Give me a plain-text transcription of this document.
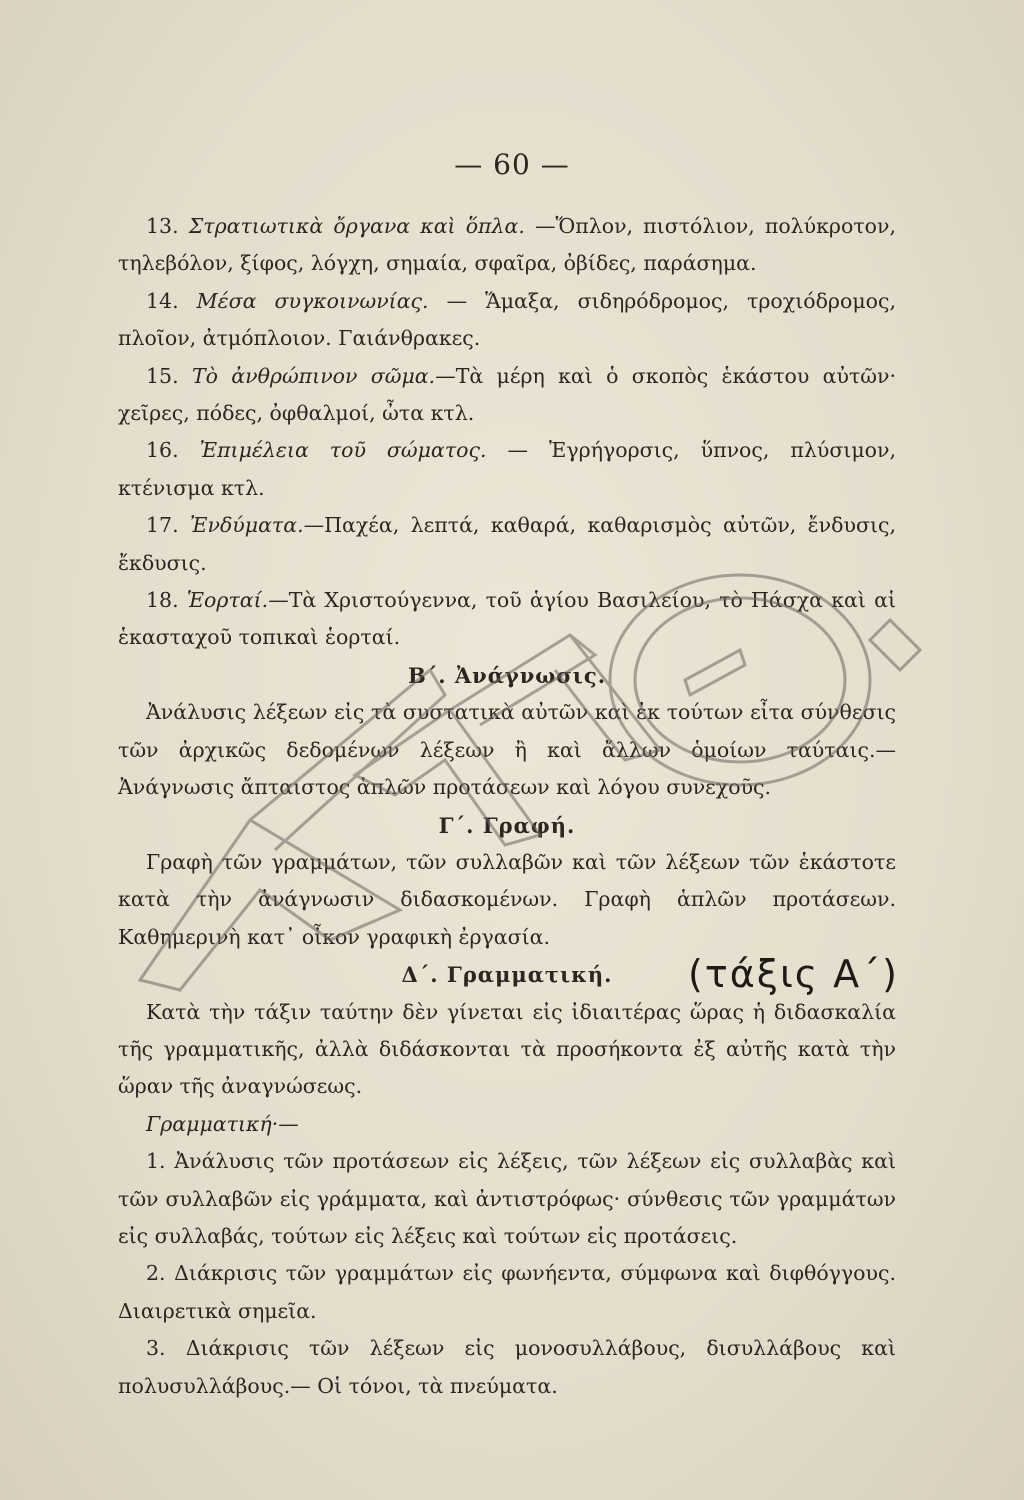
— 60 —

13. Στρατιωτικὰ ὄργανα καὶ ὅπλα. —Ὅπλον, πιστόλιον, πολύκροτον, τηλεβόλον, ξίφος, λόγχη, σημαία, σφαῖρα, ὀβίδες, παράσημα.

14. Μέσα συγκοινωνίας. — Ἅμαξα, σιδηρόδρομος, τροχιόδρομος, πλοῖον, ἀτμόπλοιον. Γαιάνθρακες.

15. Τὸ ἀνθρώπινον σῶμα.—Τὰ μέρη καὶ ὁ σκοπὸς ἑκάστου αὐτῶν· χεῖρες, πόδες, ὀφθαλμοί, ὦτα κτλ.

16. Ἐπιμέλεια τοῦ σώματος. — Ἐγρήγορσις, ὕπνος, πλύσιμον, κτένισμα κτλ.

17. Ἐνδύματα.—Παχέα, λεπτά, καθαρά, καθαρισμὸς αὐτῶν, ἔνδυσις, ἔκδυσις.

18. Ἑορταί.—Τὰ Χριστούγεννα, τοῦ ἁγίου Βασιλείου, τὸ Πάσχα καὶ αἱ ἑκασταχοῦ τοπικαὶ ἑορταί.

Β΄. Ἀνάγνωσις.

Ἀνάλυσις λέξεων εἰς τὰ συστατικὰ αὐτῶν καὶ ἐκ τούτων εἶτα σύνθεσις τῶν ἀρχικῶς δεδομένων λέξεων ἢ καὶ ἄλλων ὁμοίων ταύταις.— Ἀνάγνωσις ἄπταιστος ἁπλῶν προτάσεων καὶ λόγου συνεχοῦς.

Γ΄. Γραφή.

Γραφὴ τῶν γραμμάτων, τῶν συλλαβῶν καὶ τῶν λέξεων τῶν ἑκάστοτε κατὰ τὴν ἀνάγνωσιν διδασκομένων. Γραφὴ ἁπλῶν προτάσεων. Καθημερινὴ κατ᾽ οἶκον γραφικὴ ἐργασία.

Δ΄. Γραμματική.

Κατὰ τὴν τάξιν ταύτην δὲν γίνεται εἰς ἰδιαιτέρας ὥρας ἡ διδασκαλία τῆς γραμματικῆς, ἀλλὰ διδάσκονται τὰ προσήκοντα ἐξ αὐτῆς κατὰ τὴν ὥραν τῆς ἀναγνώσεως.

Γραμματική·—

1. Ἀνάλυσις τῶν προτάσεων εἰς λέξεις, τῶν λέξεων εἰς συλλαβὰς καὶ τῶν συλλαβῶν εἰς γράμματα, καὶ ἀντιστρόφως· σύνθεσις τῶν γραμμάτων εἰς συλλαβάς, τούτων εἰς λέξεις καὶ τούτων εἰς προτάσεις.

2. Διάκρισις τῶν γραμμάτων εἰς φωνήεντα, σύμφωνα καὶ διφθόγγους. Διαιρετικὰ σημεῖα.

3. Διάκρισις τῶν λέξεων εἰς μονοσυλλάβους, δισυλλάβους καὶ πολυσυλλάβους.— Οἱ τόνοι, τὰ πνεύματα.

(τάξις Α΄)
